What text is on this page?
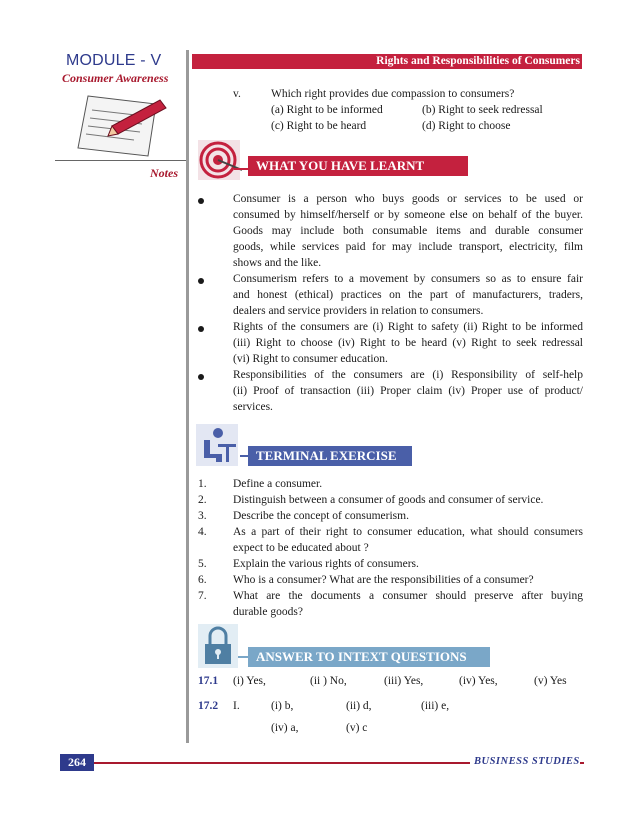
MODULE - V
Consumer Awareness
Notes
Rights and Responsibilities of Consumers
v.	Which right provides due compassion to consumers?
(a) Right to be informed	(b) Right to seek redressal
(c) Right to be heard	(d) Right to choose
WHAT YOU HAVE LEARNT
Consumer is a person who buys goods or services to be used or
consumed by himself/herself or by someone else on behalf of the buyer.
Goods may include both consumable items and durable consumer
goods, while services paid for may include transport, electricity, film
shows and the like.
Consumerism refers to a movement by consumers so as to ensure fair
and honest (ethical) practices on the part of manufacturers, traders,
dealers and service providers in relation to consumers.
Rights of the consumers are (i) Right to safety (ii) Right to be informed
(iii) Right to choose (iv) Right to be heard (v) Right to seek redressal
(vi) Right to consumer education.
Responsibilities of the consumers are (i) Responsibility of self-help
(ii) Proof of transaction (iii) Proper claim (iv) Proper use of product/
services.
TERMINAL EXERCISE
1. Define a consumer.
2. Distinguish between a consumer of goods and consumer of service.
3. Describe the concept of consumerism.
4. As a part of their right to consumer education, what should consumers
expect to be educated about ?
5. Explain the various rights of consumers.
6. Who is a consumer? What are the responsibilities of a consumer?
7. What are the documents a consumer should preserve after buying
durable goods?
ANSWER TO INTEXT QUESTIONS
17.1 (i) Yes,	(ii ) No,	(iii) Yes,	(iv) Yes,	(v) Yes
17.2 I.	(i) b,	(ii) d,	(iii) e,
(iv) a,	(v) c
264	BUSINESS STUDIES
